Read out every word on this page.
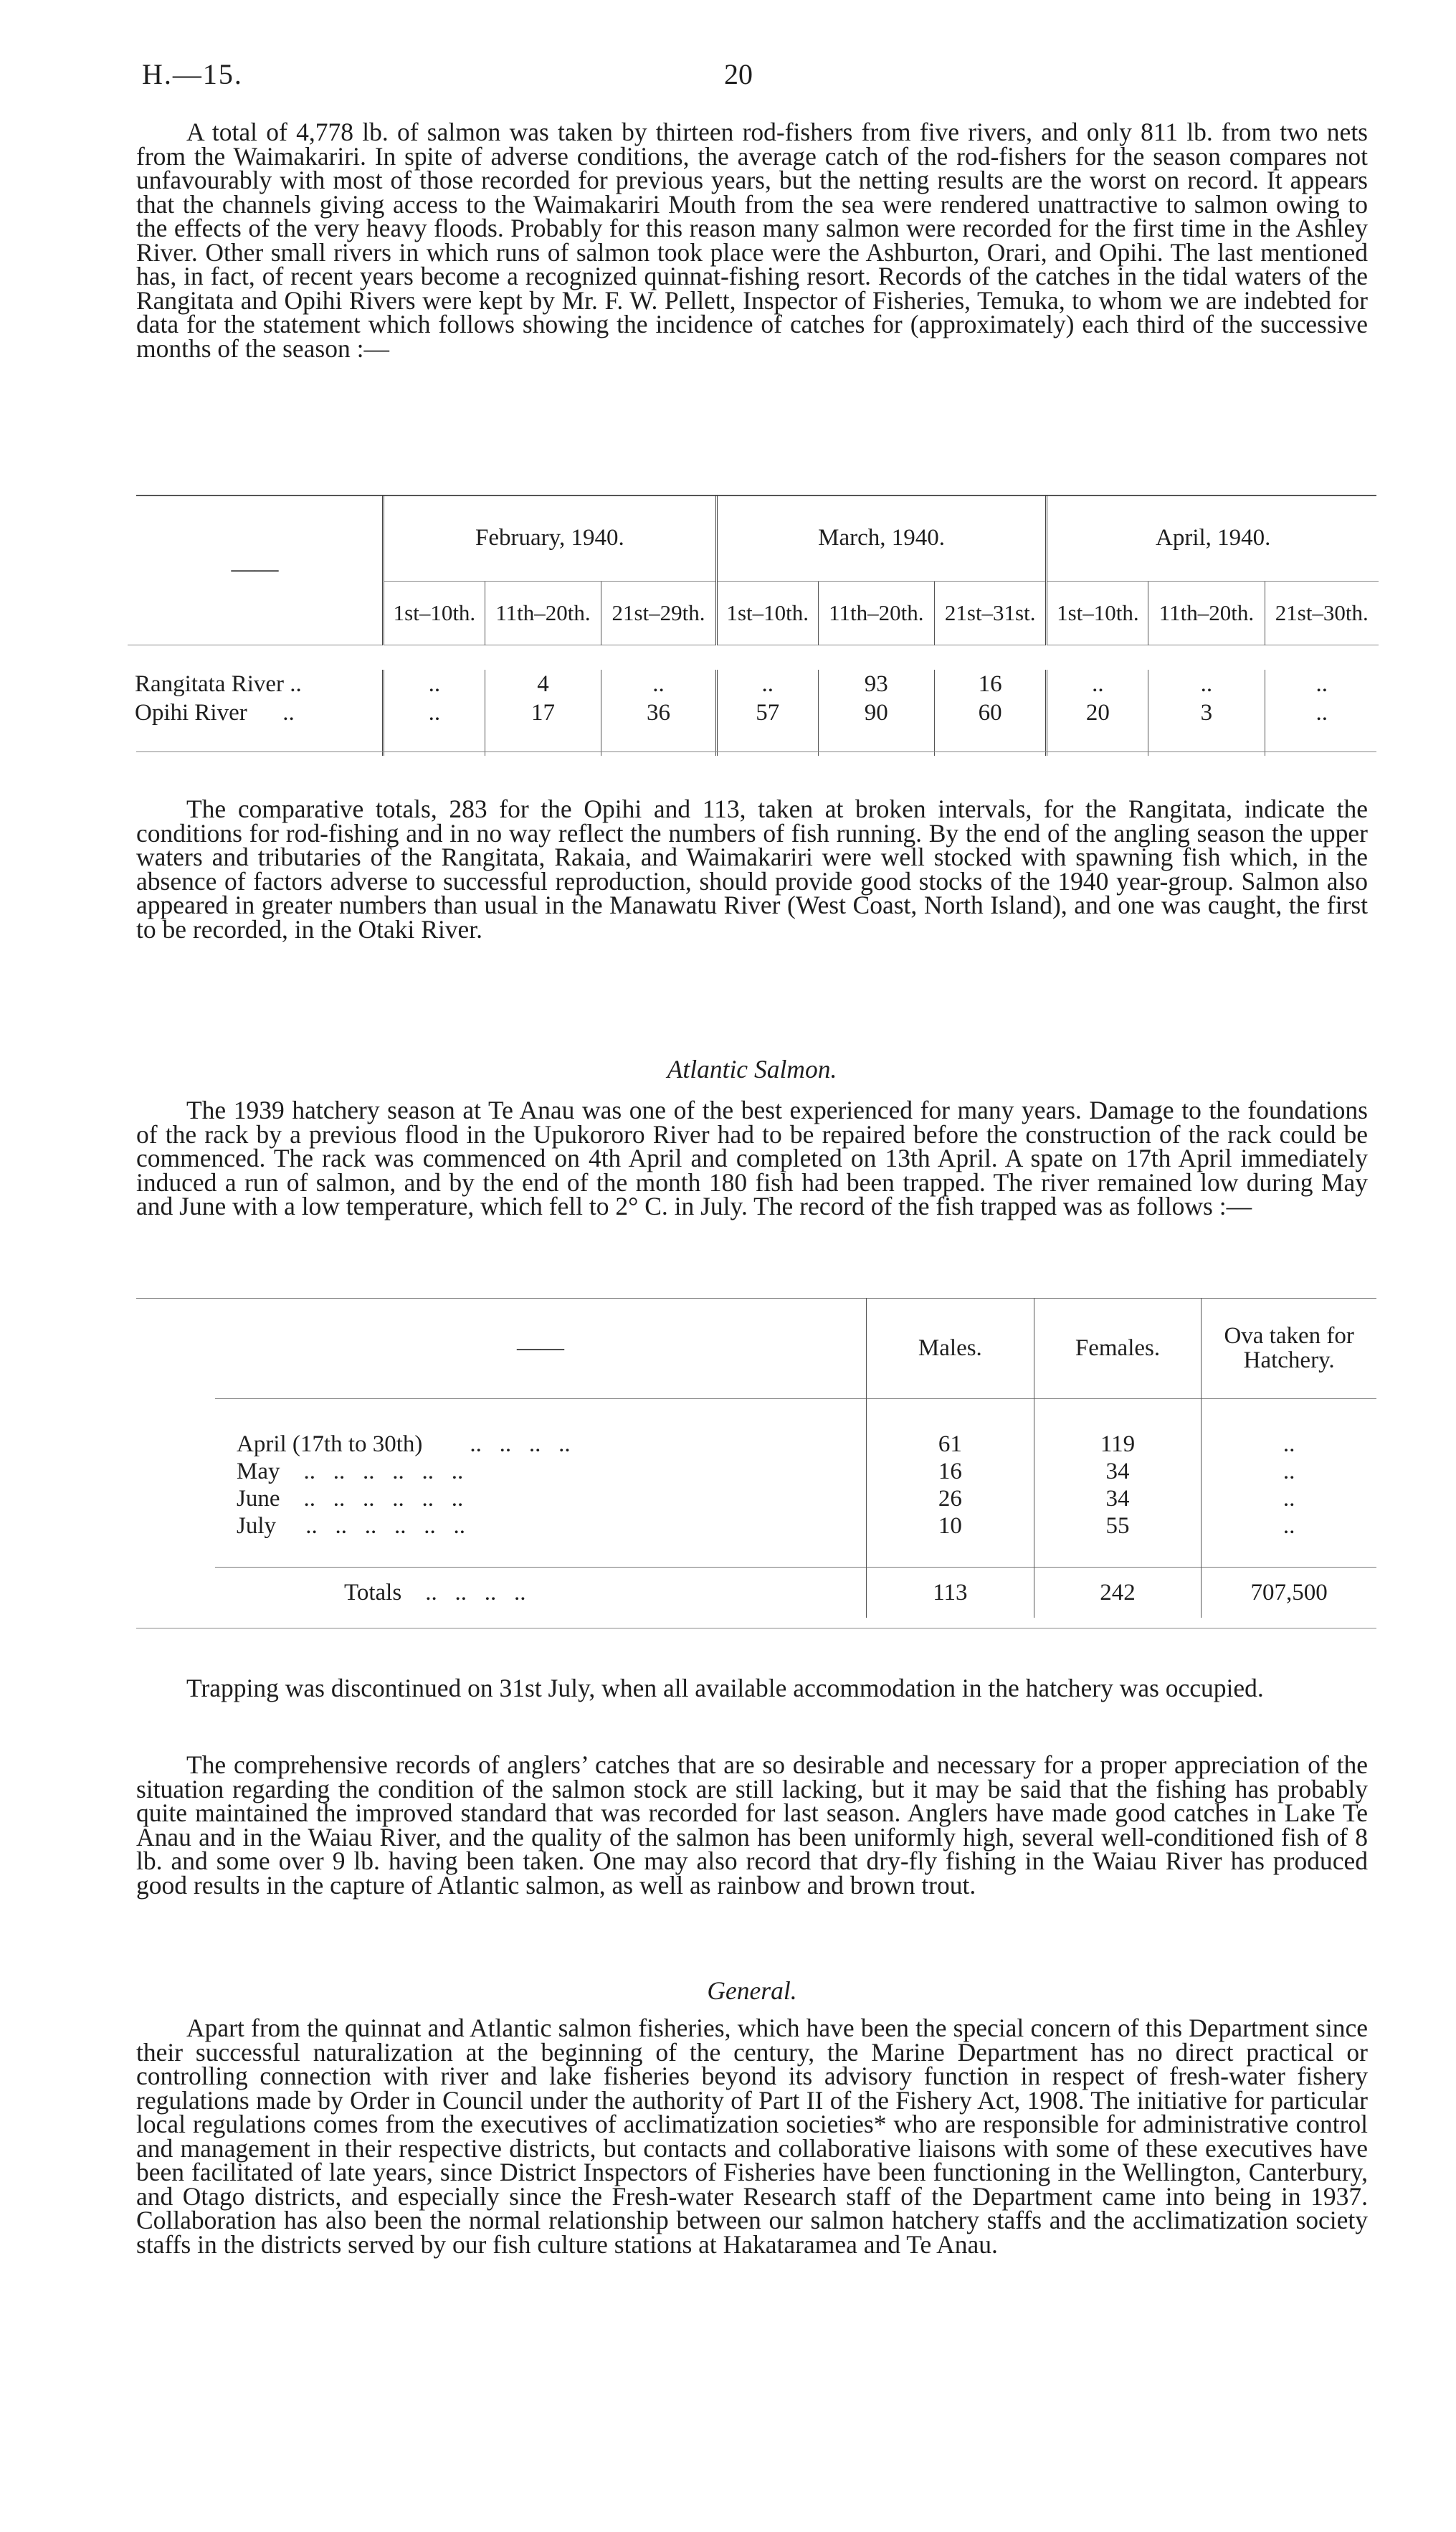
H.—15.	20

A total of 4,778 lb. of salmon was taken by thirteen rod-fishers from five rivers, and only 811 lb. from two nets from the Waimakariri. In spite of adverse conditions, the average catch of the rod-fishers for the season compares not unfavourably with most of those recorded for previous years, but the netting results are the worst on record. It appears that the channels giving access to the Waimakariri Mouth from the sea were rendered unattractive to salmon owing to the effects of the very heavy floods. Probably for this reason many salmon were recorded for the first time in the Ashley River. Other small rivers in which runs of salmon took place were the Ashburton, Orari, and Opihi. The last mentioned has, in fact, of recent years become a recognized quinnat-fishing resort. Records of the catches in the tidal waters of the Rangitata and Opihi Rivers were kept by Mr. F. W. Pellett, Inspector of Fisheries, Temuka, to whom we are indebted for data for the statement which follows showing the incidence of catches for (approximately) each third of the successive months of the season :—

——	February, 1940.			March, 1940.			April, 1940.		
	1st–10th.	11th–20th.	21st–29th.	1st–10th.	11th–20th.	21st–31st.	1st–10th.	11th–20th.	21st–30th.

Rangitata River ..	..	4	..	..	93	16	..	..	..
Opihi River ..	..	17	36	57	90	60	20	3	..

The comparative totals, 283 for the Opihi and 113, taken at broken intervals, for the Rangitata, indicate the conditions for rod-fishing and in no way reflect the numbers of fish running. By the end of the angling season the upper waters and tributaries of the Rangitata, Rakaia, and Waimakariri were well stocked with spawning fish which, in the absence of factors adverse to successful reproduction, should provide good stocks of the 1940 year-group. Salmon also appeared in greater numbers than usual in the Manawatu River (West Coast, North Island), and one was caught, the first to be recorded, in the Otaki River.

Atlantic Salmon.

The 1939 hatchery season at Te Anau was one of the best experienced for many years. Damage to the foundations of the rack by a previous flood in the Upukororo River had to be repaired before the construction of the rack could be commenced. The rack was commenced on 4th April and completed on 13th April. A spate on 17th April immediately induced a run of salmon, and by the end of the month 180 fish had been trapped. The river remained low during May and June with a low temperature, which fell to 2° C. in July. The record of the fish trapped was as follows :—

——	Males.	Females.	Ova taken for Hatchery.

April (17th to 30th) ..   ..   ..   ..	61	119	..
May ..   ..   ..   ..   ..   ..	16	34	..
June ..   ..   ..   ..   ..   ..	26	34	..
July ..   ..   ..   ..   ..   ..	10	55	..

Totals ..   ..   ..   ..	113	242	707,500

Trapping was discontinued on 31st July, when all available accommodation in the hatchery was occupied.

The comprehensive records of anglers’ catches that are so desirable and necessary for a proper appreciation of the situation regarding the condition of the salmon stock are still lacking, but it may be said that the fishing has probably quite maintained the improved standard that was recorded for last season. Anglers have made good catches in Lake Te Anau and in the Waiau River, and the quality of the salmon has been uniformly high, several well-conditioned fish of 8 lb. and some over 9 lb. having been taken. One may also record that dry-fly fishing in the Waiau River has produced good results in the capture of Atlantic salmon, as well as rainbow and brown trout.

General.

Apart from the quinnat and Atlantic salmon fisheries, which have been the special concern of this Department since their successful naturalization at the beginning of the century, the Marine Department has no direct practical or controlling connection with river and lake fisheries beyond its advisory function in respect of fresh-water fishery regulations made by Order in Council under the authority of Part II of the Fishery Act, 1908. The initiative for particular local regulations comes from the executives of acclimatization societies* who are responsible for administrative control and management in their respective districts, but contacts and collaborative liaisons with some of these executives have been facilitated of late years, since District Inspectors of Fisheries have been functioning in the Wellington, Canterbury, and Otago districts, and especially since the Fresh-water Research staff of the Department came into being in 1937. Collaboration has also been the normal relationship between our salmon hatchery staffs and the acclimatization society staffs in the districts served by our fish culture stations at Hakataramea and Te Anau.
